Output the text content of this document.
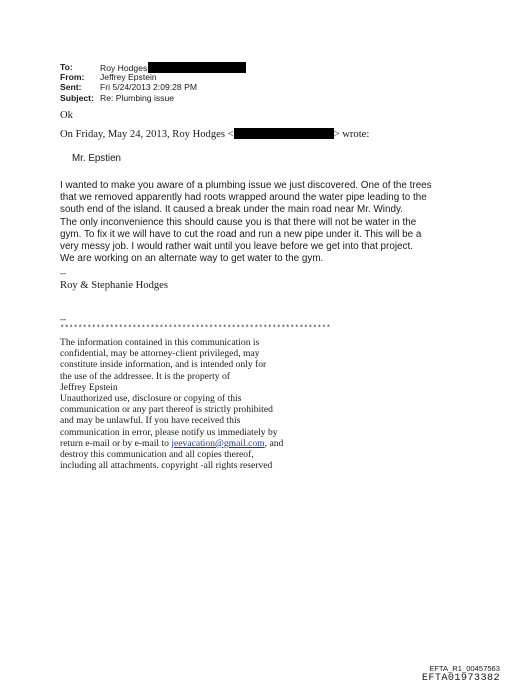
To:	Roy Hodges
From:	Jeffrey Epstein
Sent:	Fri 5/24/2013 2:09:28 PM
Subject: Re: Plumbing issue
Ok
On Friday, May 24, 2013, Roy Hodges <	> wrote:
Mr. Epstien
I wanted to make you aware of a plumbing issue we just discovered. One of the trees
that we removed apparently had roots wrapped around the water pipe leading to the
south end of the island. It caused a break under the main road near Mr. Windy.
The only inconvenience this should cause you is that there will not be water in the
gym. To fix it we will have to cut the road and run a new pipe under it. This will be a
very messy job. I would rather wait until you leave before we get into that project.
We are working on an alternate way to get water to the gym.
--
Roy & Stephanie Hodges
--
************************************************************
The information contained in this communication is
confidential, may be attorney-client privileged, may
constitute inside information, and is intended only for
the use of the addressee. It is the property of
Jeffrey Epstein
Unauthorized use, disclosure or copying of this
communication or any part thereof is strictly prohibited
and may be unlawful. If you have received this
communication in error, please notify us immediately by
return e-mail or by e-mail to jeevacation@gmail.com, and
destroy this communication and all copies thereof,
including all attachments. copyright -all rights reserved
EFTA_R1_00457563
EFTA01973382
